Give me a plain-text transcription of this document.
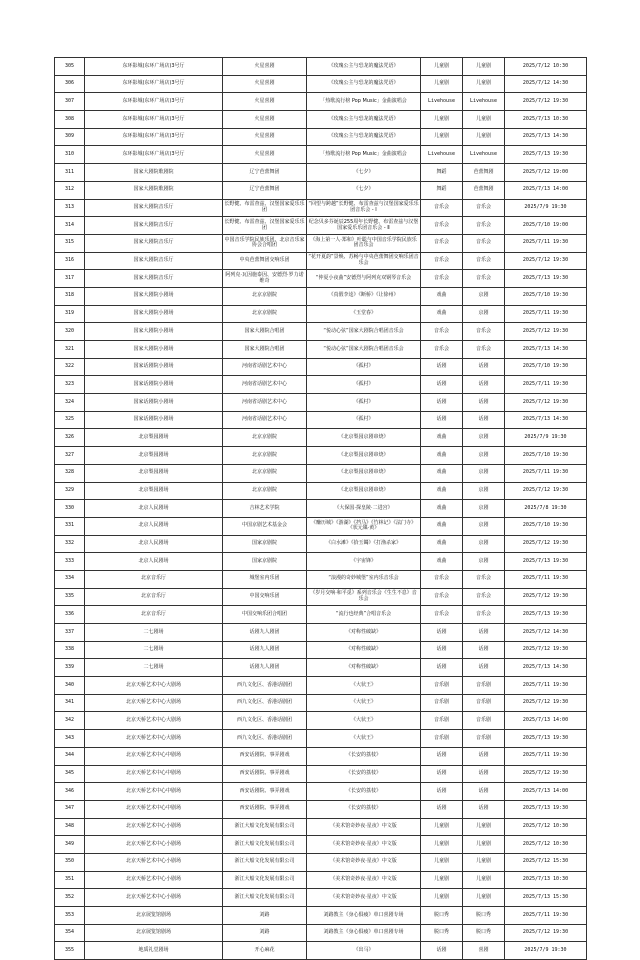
305	东环影城(东环广场店)3号厅	火星喜剧	《玫瑰公主与恐龙的魔法咒语》	儿童剧	儿童剧	2025/7/12 10:30
306	东环影城(东环广场店)3号厅	火星喜剧	《玫瑰公主与恐龙的魔法咒语》	儿童剧	儿童剧	2025/7/12 14:30
307	东环影城(东环广场店)3号厅	火星喜剧	「热歌流行榜 Pop Music」金曲演唱会	Livehouse	Livehouse	2025/7/12 19:30
308	东环影城(东环广场店)3号厅	火星喜剧	《玫瑰公主与恐龙的魔法咒语》	儿童剧	儿童剧	2025/7/13 10:30
309	东环影城(东环广场店)3号厅	火星喜剧	《玫瑰公主与恐龙的魔法咒语》	儿童剧	儿童剧	2025/7/13 14:30
310	东环影城(东环广场店)3号厅	火星喜剧	「热歌流行榜 Pop Music」金曲演唱会	Livehouse	Livehouse	2025/7/13 19:30
311	国家大剧院歌剧院	辽宁芭蕾舞团	《七夕》	舞蹈	芭蕾舞剧	2025/7/12 19:00
312	国家大剧院歌剧院	辽宁芭蕾舞团	《七夕》	舞蹈	芭蕾舞剧	2025/7/13 14:00
313	国家大剧院音乐厅	长野健、布雷查兹、汉堡国家爱乐乐团	“回望与跨越”长野健、布雷查兹与汉堡国家爱乐乐团音乐会 - Ⅰ	音乐会	音乐会	2025/7/9 19:30
314	国家大剧院音乐厅	长野健、布雷查兹、汉堡国家爱乐乐团	纪念贝多芬诞辰255周年长野健、布雷查兹与汉堡国家爱乐乐团音乐会 - Ⅱ	音乐会	音乐会	2025/7/10 19:00
315	国家大剧院音乐厅	中国音乐学院民族乐团、北京音乐家协会合唱团	《海上第一人·郑和》叶聪与中国音乐学院民族乐团音乐会	音乐会	音乐会	2025/7/11 19:30
316	国家大剧院音乐厅	中央芭蕾舞团交响乐团	“花开夏韵”景焕、苏畅与中央芭蕾舞团交响乐团音乐会	音乐会	音乐会	2025/7/12 19:30
317	国家大剧院音乐厅	阿列克·瓦因施泰因、安德烈·罗力诺维奇	“仲夏小夜曲”安德烈与阿列克双钢琴音乐会	音乐会	音乐会	2025/7/13 19:30
318	国家大剧院小剧场	北京京剧院	《真假李逵》《断桥》《让徐州》	戏曲	京剧	2025/7/10 19:30
319	国家大剧院小剧场	北京京剧院	《玉堂春》	戏曲	京剧	2025/7/11 19:30
320	国家大剧院小剧场	国家大剧院合唱团	“悦动心弦”国家大剧院合唱团音乐会	音乐会	音乐会	2025/7/12 19:30
321	国家大剧院小剧场	国家大剧院合唱团	“悦动心弦”国家大剧院合唱团音乐会	音乐会	音乐会	2025/7/13 14:30
322	国家话剧院小剧场	河南省话剧艺术中心	《孤村》	话剧	话剧	2025/7/10 19:30
323	国家话剧院小剧场	河南省话剧艺术中心	《孤村》	话剧	话剧	2025/7/11 19:30
324	国家话剧院小剧场	河南省话剧艺术中心	《孤村》	话剧	话剧	2025/7/12 19:30
325	国家话剧院小剧场	河南省话剧艺术中心	《孤村》	话剧	话剧	2025/7/13 14:30
326	北京梨园剧场	北京京剧院	《北京梨园京剧串烧》	戏曲	京剧	2025/7/9 19:30
327	北京梨园剧场	北京京剧院	《北京梨园京剧串烧》	戏曲	京剧	2025/7/10 19:30
328	北京梨园剧场	北京京剧院	《北京梨园京剧串烧》	戏曲	京剧	2025/7/11 19:30
329	北京梨园剧场	北京京剧院	《北京梨园京剧串烧》	戏曲	京剧	2025/7/12 19:30
330	北京人民剧场	吉林艺术学院	《大保国·探皇陵·二进宫》	戏曲	京剧	2025/7/8 19:30
331	北京人民剧场	中国京剧艺术基金会	《赚历城》《游湖》《挡马》《竹林记》《法门寺》《状元媒·黄》	戏曲	京剧	2025/7/10 19:30
332	北京人民剧场	国家京剧院	《白水滩》《拾玉镯》《打渔杀家》	戏曲	京剧	2025/7/12 19:30
333	北京人民剧场	国家京剧院	《宇宙锋》	戏曲	京剧	2025/7/13 19:30
334	北京音乐厅	城堡室内乐团	“浪漫的奇妙城堡”室内乐音乐会	音乐会	音乐会	2025/7/11 19:30
335	北京音乐厅	中国交响乐团	《岁月交响·和平觅》系列音乐会《生生不息》音乐会	音乐会	音乐会	2025/7/12 19:30
336	北京音乐厅	中国交响乐团合唱团	“流行也经典”合唱音乐会	音乐会	音乐会	2025/7/13 19:30
337	二七剧场	话剧九人剧团	《对称性破缺》	话剧	话剧	2025/7/12 14:30
338	二七剧场	话剧九人剧团	《对称性破缺》	话剧	话剧	2025/7/12 19:30
339	二七剧场	话剧九人剧团	《对称性破缺》	话剧	话剧	2025/7/13 14:30
340	北京天桥艺术中心大剧场	西九文化区、香港话剧团	《大状王》	音乐剧	音乐剧	2025/7/11 19:30
341	北京天桥艺术中心大剧场	西九文化区、香港话剧团	《大状王》	音乐剧	音乐剧	2025/7/12 19:30
342	北京天桥艺术中心大剧场	西九文化区、香港话剧团	《大状王》	音乐剧	音乐剧	2025/7/13 14:00
343	北京天桥艺术中心大剧场	西九文化区、香港话剧团	《大状王》	音乐剧	音乐剧	2025/7/13 19:30
344	北京天桥艺术中心中剧场	西安话剧院、事弄剧戏	《长安的荔枝》	话剧	话剧	2025/7/11 19:30
345	北京天桥艺术中心中剧场	西安话剧院、事弄剧戏	《长安的荔枝》	话剧	话剧	2025/7/12 19:30
346	北京天桥艺术中心中剧场	西安话剧院、事弄剧戏	《长安的荔枝》	话剧	话剧	2025/7/13 14:00
347	北京天桥艺术中心中剧场	西安话剧院、事弄剧戏	《长安的荔枝》	话剧	话剧	2025/7/13 19:30
348	北京天桥艺术中心小剧场	浙江大船文化发展有限公司	《美术馆奇妙夜·星夜》中文版	儿童剧	儿童剧	2025/7/12 10:30
349	北京天桥艺术中心小剧场	浙江大船文化发展有限公司	《美术馆奇妙夜·星夜》中文版	儿童剧	儿童剧	2025/7/12 10:30
350	北京天桥艺术中心小剧场	浙江大船文化发展有限公司	《美术馆奇妙夜·星夜》中文版	儿童剧	儿童剧	2025/7/12 15:30
351	北京天桥艺术中心小剧场	浙江大船文化发展有限公司	《美术馆奇妙夜·星夜》中文版	儿童剧	儿童剧	2025/7/13 10:30
352	北京天桥艺术中心小剧场	浙江大船文化发展有限公司	《美术馆奇妙夜·星夜》中文版	儿童剧	儿童剧	2025/7/13 15:30
353	北京展览馆剧场	刘路	刘路教主《身心俱疲》单口喜剧专场	脱口秀	脱口秀	2025/7/11 19:30
354	北京展览馆剧场	刘路	刘路教主《身心俱疲》单口喜剧专场	脱口秀	脱口秀	2025/7/12 19:30
355	地质礼堂剧场	开心麻花	《出马》	话剧	喜剧	2025/7/9 19:30
